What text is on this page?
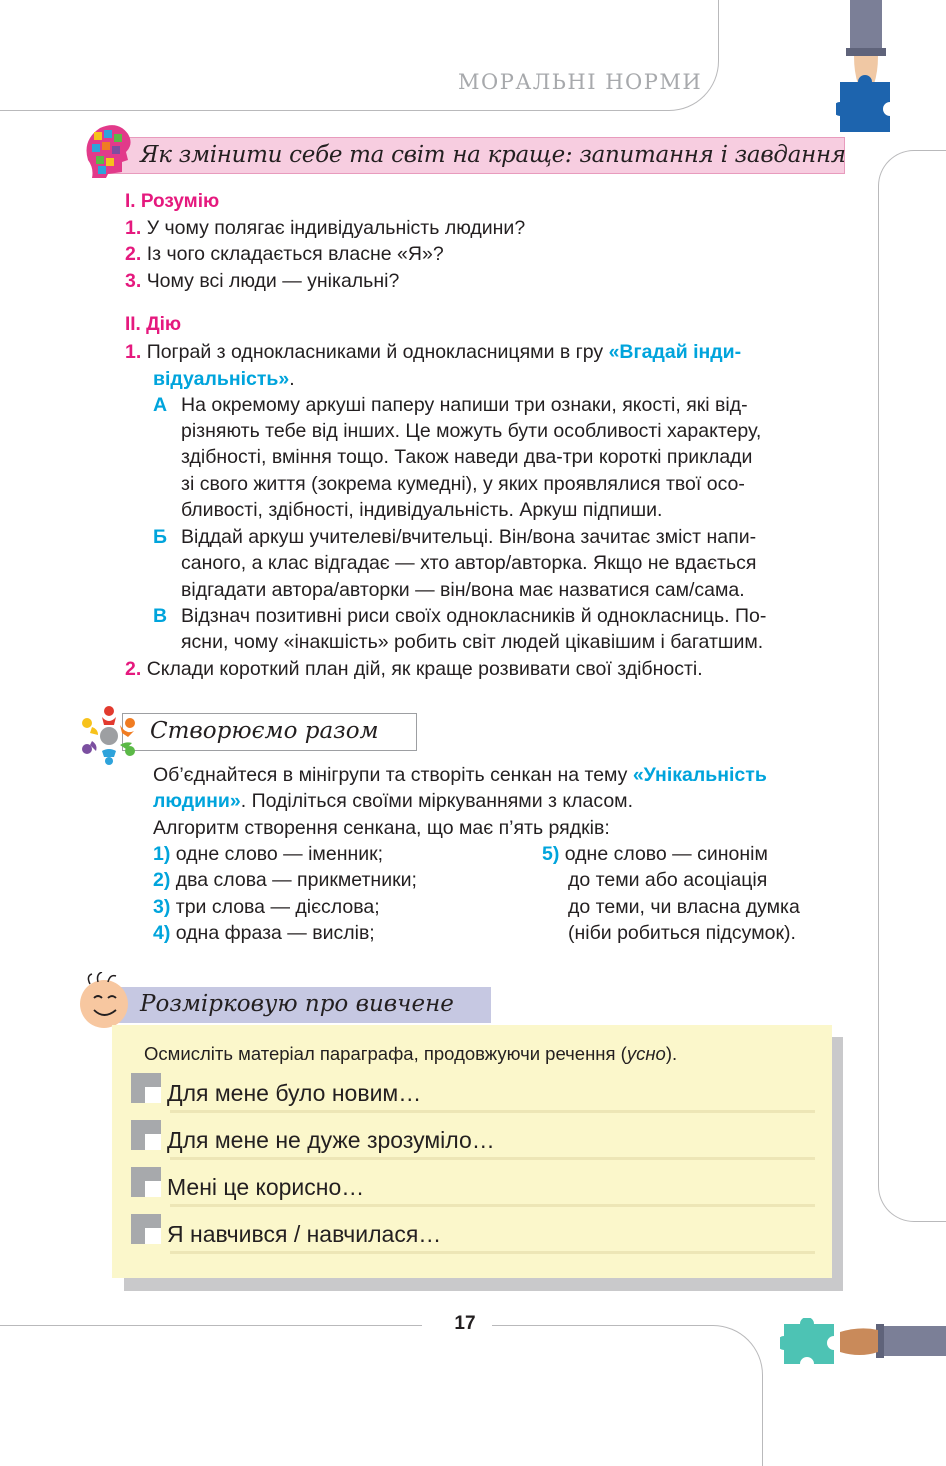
МОРАЛЬНІ НОРМИ
Як змінити себе та світ на краще: запитання і завдання
I. Розумію
1. У чому полягає індивідуальність людини?
2. Із чого складається власне «Я»?
3. Чому всі люди — унікальні?
II. Дію
1. Пограй з однокласниками й однокласницями в гру «Вгадай інди-
відуальність».
А На окремому аркуші паперу напиши три ознаки, якості, які від-
різняють тебе від інших. Це можуть бути особливості характеру,
здібності, вміння тощо. Також наведи два-три короткі приклади
зі свого життя (зокрема кумедні), у яких проявлялися твої осо-
бливості, здібності, індивідуальність. Аркуш підпиши.
Б Віддай аркуш учителеві/вчительці. Він/вона зачитає зміст напи-
саного, а клас відгадає — хто автор/авторка. Якщо не вдається
відгадати автора/авторки — він/вона має назватися сам/сама.
В Відзнач позитивні риси своїх однокласників й однокласниць. По-
ясни, чому «інакшість» робить світ людей цікавішим і багатшим.
2. Склади короткий план дій, як краще розвивати свої здібності.
Створюємо разом
Об’єднайтеся в мінігрупи та створіть сенкан на тему «Унікальність
людини». Поділіться своїми міркуваннями з класом.
Алгоритм створення сенкана, що має п’ять рядків:
1) одне слово — іменник;
2) два слова — прикметники;
3) три слова — дієслова;
4) одна фраза — вислів;
5) одне слово — синонім
до теми або асоціація
до теми, чи власна думка
(ніби робиться підсумок).
Розмірковую про вивчене
Осмисліть матеріал параграфа, продовжуючи речення (усно).
Для мене було новим…
Для мене не дуже зрозуміло…
Мені це корисно…
Я навчився / навчилася…
17
